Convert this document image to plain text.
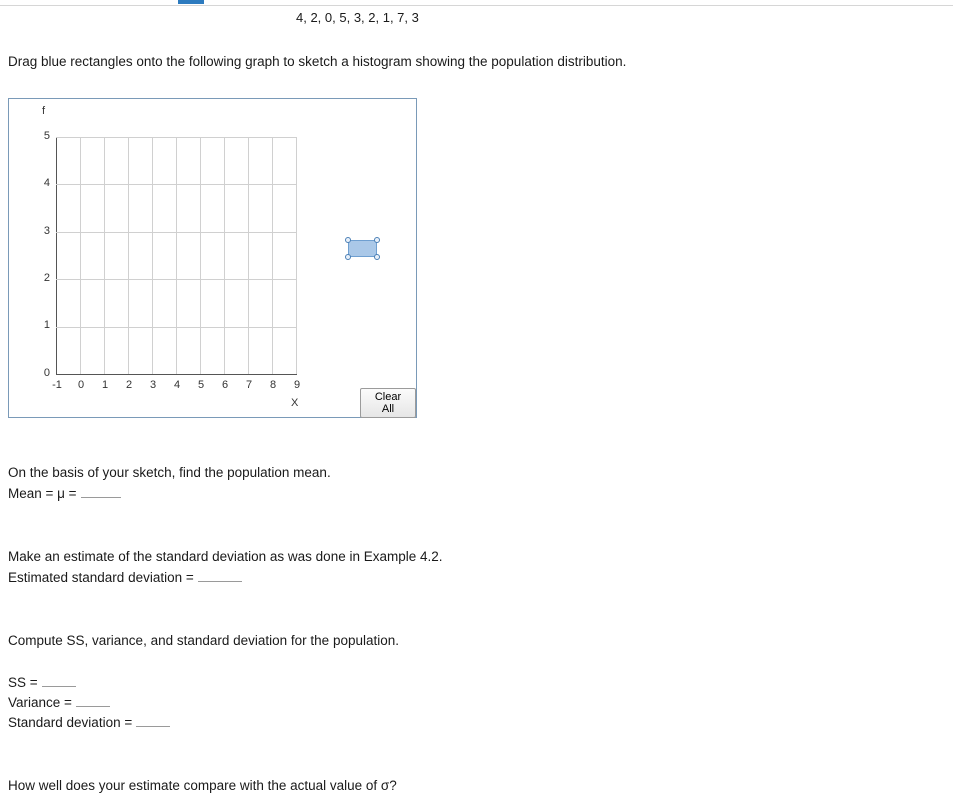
4, 2, 0, 5, 3, 2, 1, 7, 3
Drag blue rectangles onto the following graph to sketch a histogram showing the population distribution.
f
X
5
4
3
2
1
0
-1	0	1	2	3	4	5	6	7	8	9
Clear All
On the basis of your sketch, find the population mean.
Mean = μ =
Make an estimate of the standard deviation as was done in Example 4.2.
Estimated standard deviation =
Compute SS, variance, and standard deviation for the population.
SS =
Variance =
Standard deviation =
How well does your estimate compare with the actual value of σ?
